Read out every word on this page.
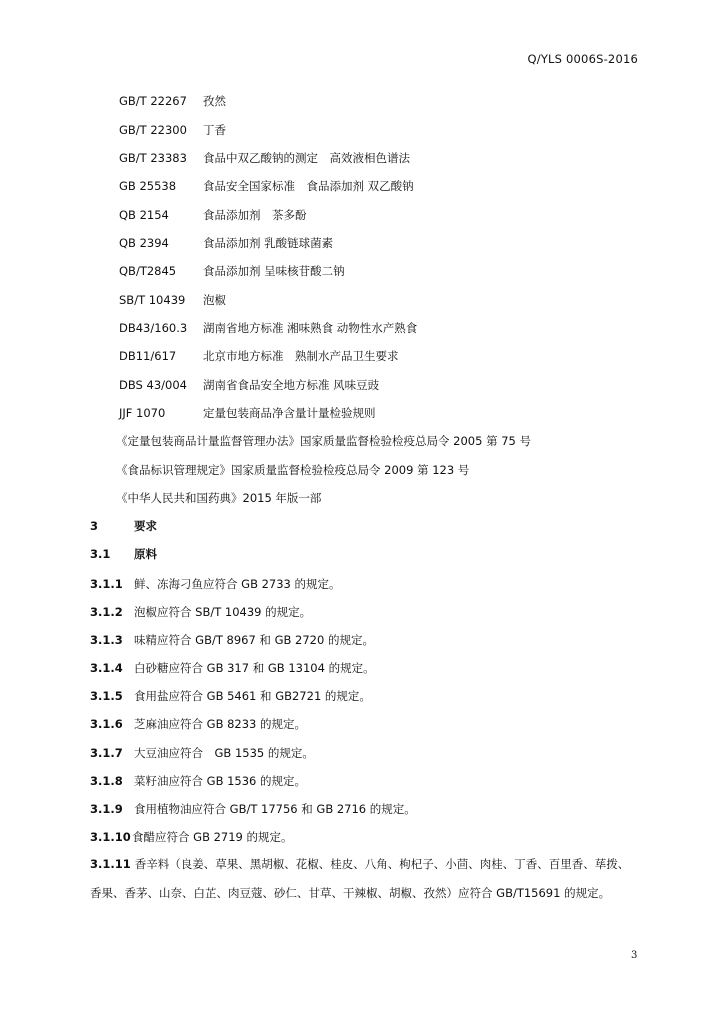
Q/YLS 0006S-2016
GB/T 22267 孜然
GB/T 22300 丁香
GB/T 23383 食品中双乙酸钠的测定　高效液相色谱法
GB 25538 食品安全国家标准　食品添加剂 双乙酸钠
QB 2154	食品添加剂　茶多酚
QB 2394	食品添加剂 乳酸链球菌素
QB/T2845 食品添加剂 呈味核苷酸二钠
SB/T 10439 泡椒
DB43/160.3 湖南省地方标准 湘味熟食 动物性水产熟食
DB11/617 北京市地方标准　熟制水产品卫生要求
DBS 43/004 湖南省食品安全地方标准 风味豆豉
JJF 1070	定量包装商品净含量计量检验规则
《定量包装商品计量监督管理办法》国家质量监督检验检疫总局令 2005 第 75 号
《食品标识管理规定》国家质量监督检验检疫总局令 2009 第 123 号
《中华人民共和国药典》2015 年版一部
3	要求
3.1 原料
3.1.1 鲜、冻海刁鱼应符合 GB 2733 的规定。
3.1.2 泡椒应符合 SB/T 10439 的规定。
3.1.3 味精应符合 GB/T 8967 和 GB 2720 的规定。
3.1.4 白砂糖应符合 GB 317 和 GB 13104 的规定。
3.1.5 食用盐应符合 GB 5461 和 GB2721 的规定。
3.1.6 芝麻油应符合 GB 8233 的规定。
3.1.7 大豆油应符合　GB 1535 的规定。
3.1.8 菜籽油应符合 GB 1536 的规定。
3.1.9 食用植物油应符合 GB/T 17756 和 GB 2716 的规定。
3.1.10食醋应符合 GB 2719 的规定。
3.1.11 香辛料（良姜、草果、黑胡椒、花椒、桂皮、八角、枸杞子、小茴、肉桂、丁香、百里香、荜拨、香果、香茅、山奈、白芷、肉豆蔻、砂仁、甘草、干辣椒、胡椒、孜然）应符合 GB/T15691 的规定。
3
